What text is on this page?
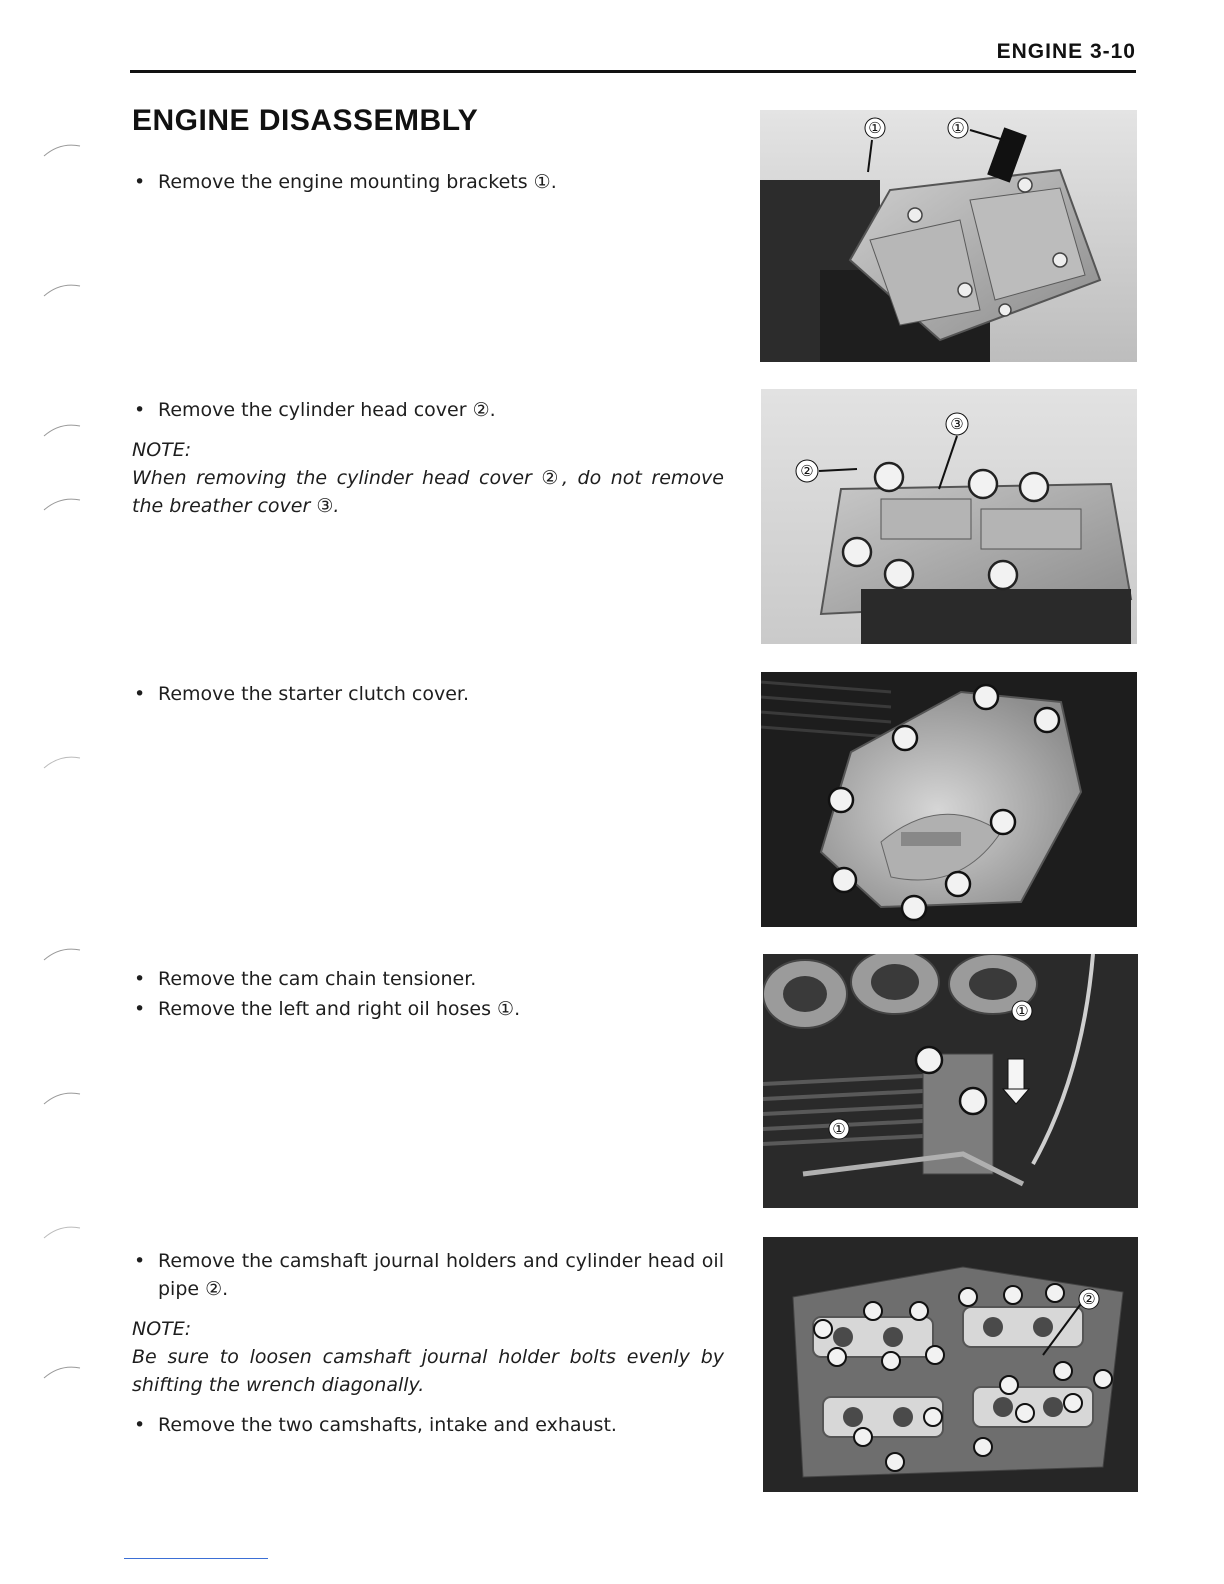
ENGINE 3-10
ENGINE DISASSEMBLY
• Remove the engine mounting brackets ①.
• Remove the cylinder head cover ②.
NOTE:
When removing the cylinder head cover ②, do not remove the breather cover ③.
• Remove the starter clutch cover.
• Remove the cam chain tensioner.
• Remove the left and right oil hoses ①.
• Remove the camshaft journal holders and cylinder head oil pipe ②.
NOTE:
Be sure to loosen camshaft journal holder bolts evenly by shifting the wrench diagonally.
• Remove the two camshafts, intake and exhaust.
①	①
②
③
①
①
②
